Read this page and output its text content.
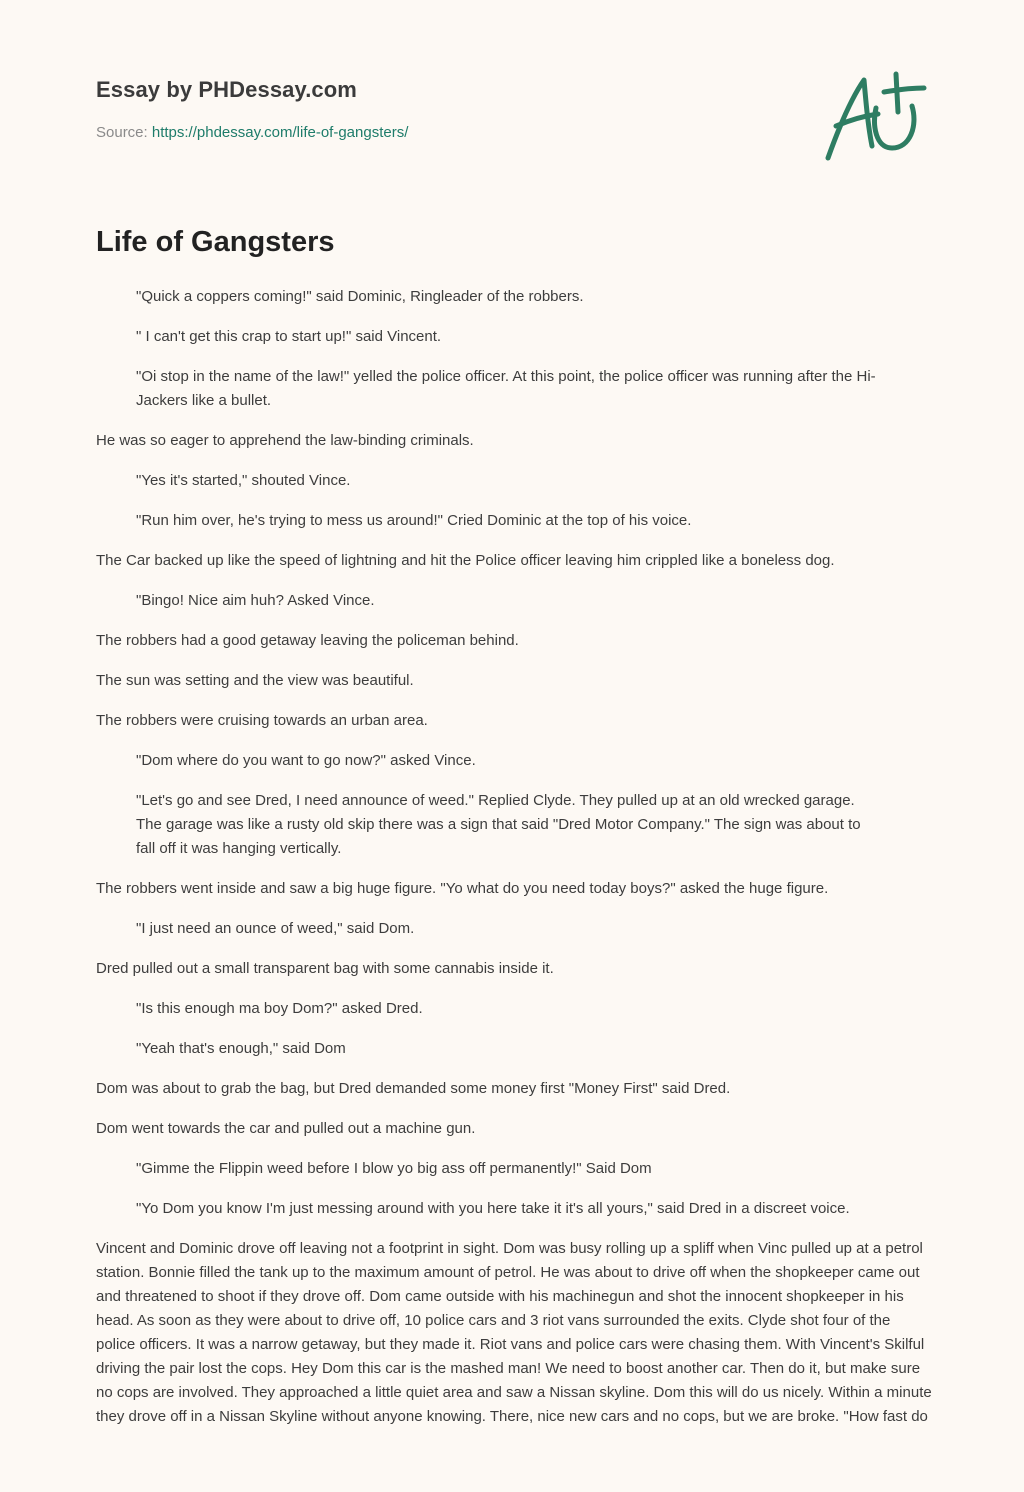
Essay by PHDessay.com

Source: https://phdessay.com/life-of-gangsters/

Life of Gangsters

"Quick a coppers coming!" said Dominic, Ringleader of the robbers.

" I can't get this crap to start up!" said Vincent.

"Oi stop in the name of the law!" yelled the police officer. At this point, the police officer was running after the Hi-Jackers like a bullet.

He was so eager to apprehend the law-binding criminals.

"Yes it's started," shouted Vince.

"Run him over, he's trying to mess us around!" Cried Dominic at the top of his voice.

The Car backed up like the speed of lightning and hit the Police officer leaving him crippled like a boneless dog.

"Bingo! Nice aim huh? Asked Vince.

The robbers had a good getaway leaving the policeman behind.

The sun was setting and the view was beautiful.

The robbers were cruising towards an urban area.

"Dom where do you want to go now?" asked Vince.

"Let's go and see Dred, I need announce of weed." Replied Clyde. They pulled up at an old wrecked garage. The garage was like a rusty old skip there was a sign that said "Dred Motor Company." The sign was about to fall off it was hanging vertically.

The robbers went inside and saw a big huge figure. "Yo what do you need today boys?" asked the huge figure.

"I just need an ounce of weed," said Dom.

Dred pulled out a small transparent bag with some cannabis inside it.

"Is this enough ma boy Dom?" asked Dred.

"Yeah that's enough," said Dom

Dom was about to grab the bag, but Dred demanded some money first "Money First" said Dred.

Dom went towards the car and pulled out a machine gun.

"Gimme the Flippin weed before I blow yo big ass off permanently!" Said Dom

"Yo Dom you know I'm just messing around with you here take it it's all yours," said Dred in a discreet voice.

Vincent and Dominic drove off leaving not a footprint in sight. Dom was busy rolling up a spliff when Vinc pulled up at a petrol station. Bonnie filled the tank up to the maximum amount of petrol. He was about to drive off when the shopkeeper came out and threatened to shoot if they drove off. Dom came outside with his machinegun and shot the innocent shopkeeper in his head. As soon as they were about to drive off, 10 police cars and 3 riot vans surrounded the exits. Clyde shot four of the police officers. It was a narrow getaway, but they made it. Riot vans and police cars were chasing them. With Vincent's Skilful driving the pair lost the cops. Hey Dom this car is the mashed man! We need to boost another car. Then do it, but make sure no cops are involved. They approached a little quiet area and saw a Nissan skyline. Dom this will do us nicely. Within a minute they drove off in a Nissan Skyline without anyone knowing. There, nice new cars and no cops, but we are broke. "How fast do
